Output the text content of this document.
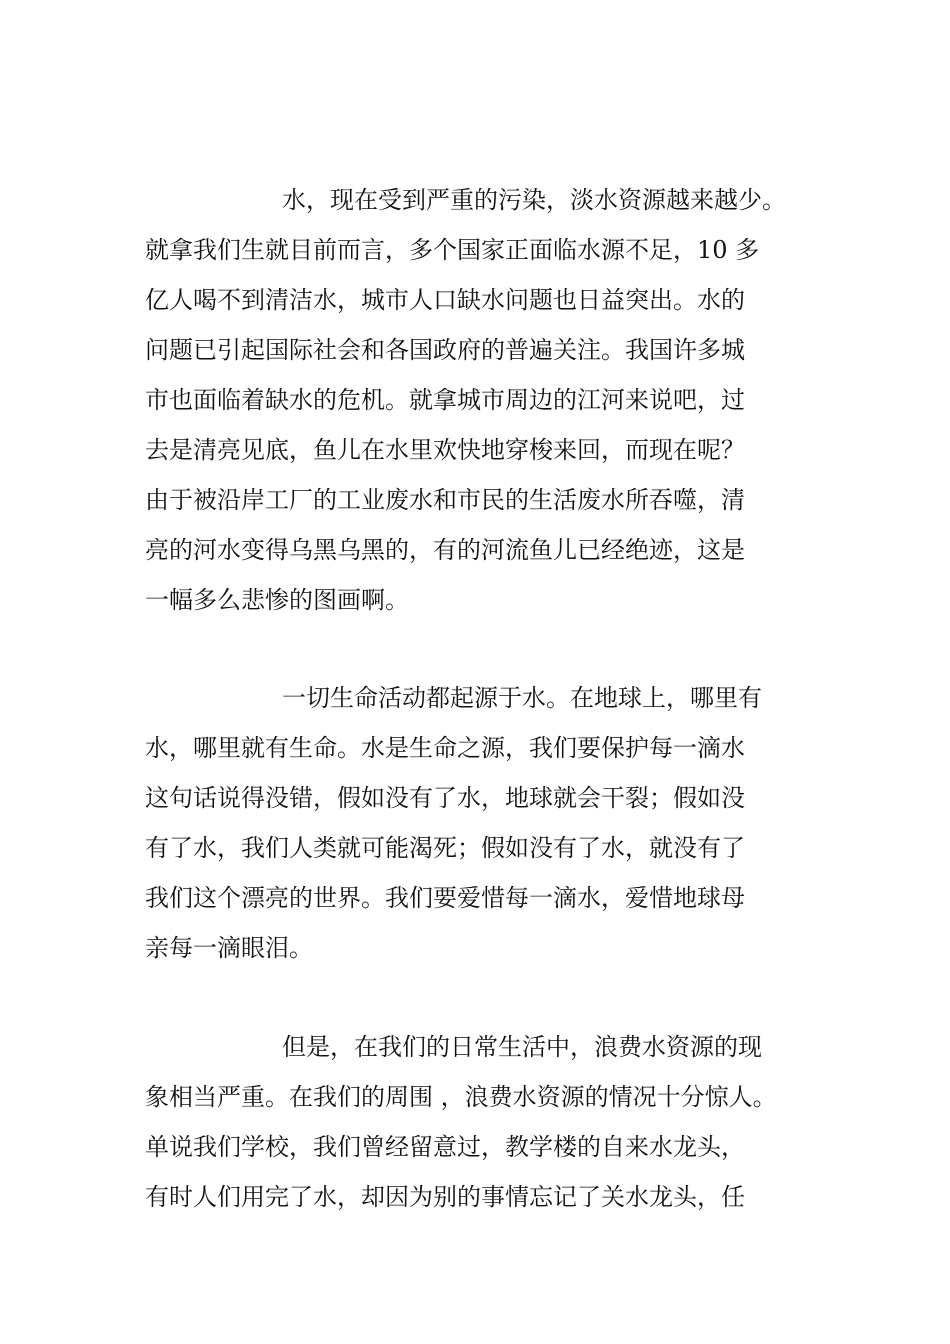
水，现在受到严重的污染，淡水资源越来越少。

就拿我们生就目前而言，多个国家正面临水源不足，10 多

亿人喝不到清洁水，城市人口缺水问题也日益突出。水的

问题已引起国际社会和各国政府的普遍关注。我国许多城

市也面临着缺水的危机。就拿城市周边的江河来说吧，过

去是清亮见底，鱼儿在水里欢快地穿梭来回，而现在呢？

由于被沿岸工厂的工业废水和市民的生活废水所吞噬，清

亮的河水变得乌黑乌黑的，有的河流鱼儿已经绝迹，这是

一幅多么悲惨的图画啊。

一切生命活动都起源于水。在地球上，哪里有

水，哪里就有生命。水是生命之源，我们要保护每一滴水

这句话说得没错，假如没有了水，地球就会干裂；假如没

有了水，我们人类就可能渴死；假如没有了水，就没有了

我们这个漂亮的世界。我们要爱惜每一滴水，爱惜地球母

亲每一滴眼泪。

但是，在我们的日常生活中，浪费水资源的现

象相当严重。在我们的周围 ，浪费水资源的情况十分惊人。

单说我们学校，我们曾经留意过，教学楼的自来水龙头，

有时人们用完了水，却因为别的事情忘记了关水龙头，任
